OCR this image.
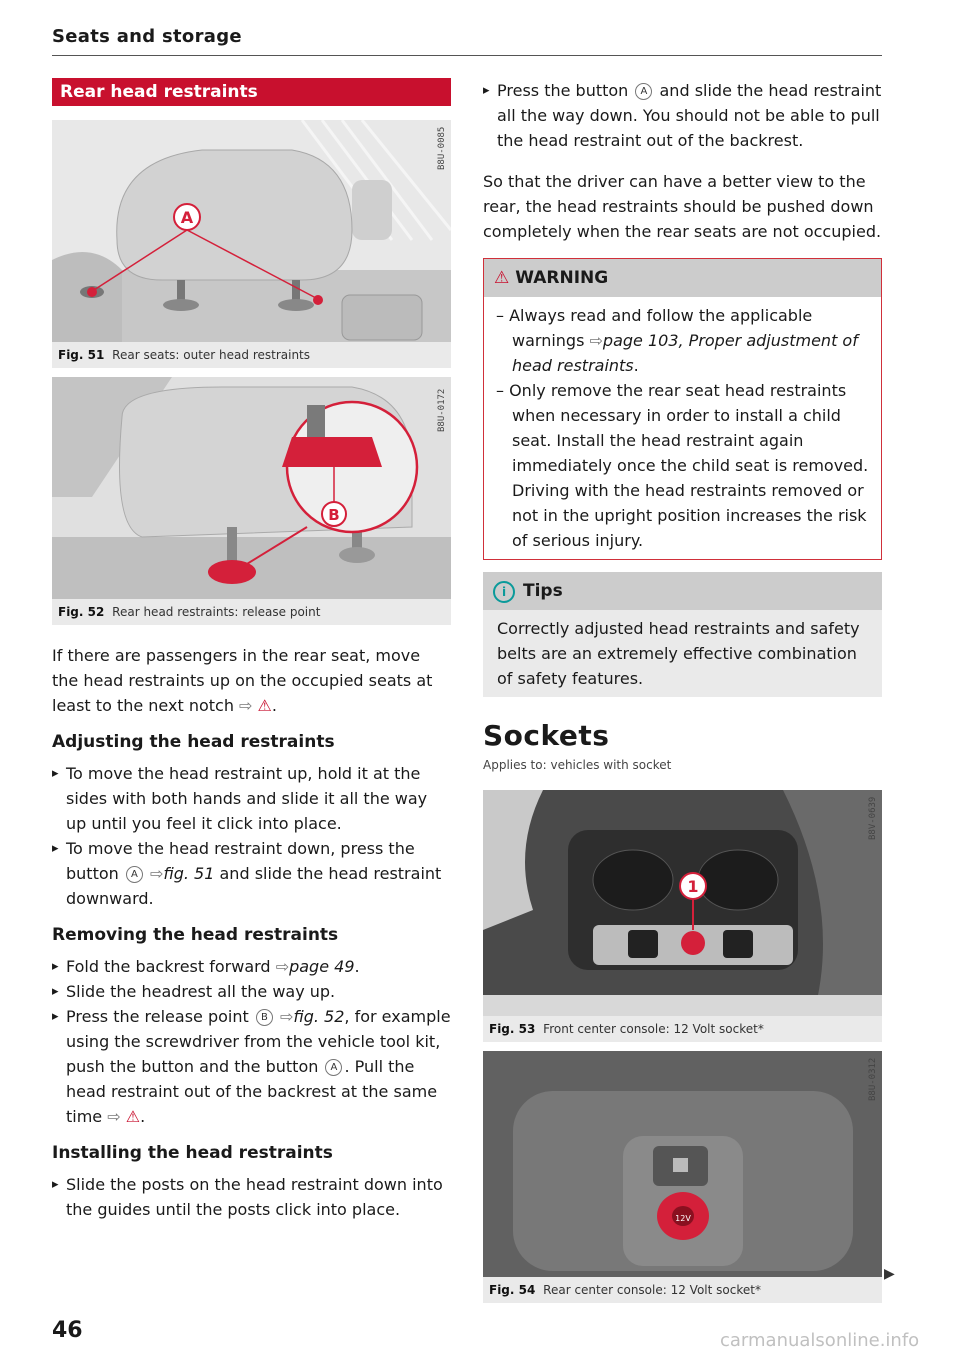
Seats and storage
Rear head restraints
A
B8U-0085
Fig. 51 Rear seats: outer head restraints
B
B8U-0172
Fig. 52 Rear head restraints: release point

If there are passengers in the rear seat, move the head restraints up on the occupied seats at least to the next notch ⇨ ⚠.

Adjusting the head restraints
▸ To move the head restraint up, hold it at the sides with both hands and slide it all the way up until you feel it click into place.
▸ To move the head restraint down, press the button A ⇨fig. 51 and slide the head restraint downward.
Removing the head restraints
▸ Fold the backrest forward ⇨page 49.
▸ Slide the headrest all the way up.
▸ Press the release point B ⇨fig. 52, for example using the screwdriver from the vehicle tool kit, push the button and the button A . Pull the head restraint out of the backrest at the same time ⇨ ⚠.
Installing the head restraints
▸ Slide the posts on the head restraint down into the guides until the posts click into place.
▸ Press the button A and slide the head restraint all the way down. You should not be able to pull the head restraint out of the backrest.

So that the driver can have a better view to the rear, the head restraints should be pushed down completely when the rear seats are not occupied.

⚠ WARNING

– Always read and follow the applicable warnings ⇨page 103, Proper adjustment of head restraints.

– Only remove the rear seat head restraints when necessary in order to install a child seat. Install the head restraint again immediately once the child seat is removed. Driving with the head restraints removed or not in the upright position increases the risk of serious injury.

i Tips
Correctly adjusted head restraints and safety belts are an extremely effective combination of safety features.
Sockets
Applies to: vehicles with socket
1
B8V-0639
Fig. 53 Front center console: 12 Volt socket*
12V
B8U-0312
Fig. 54 Rear center console: 12 Volt socket*
▶
46	carmanualsonline.info
